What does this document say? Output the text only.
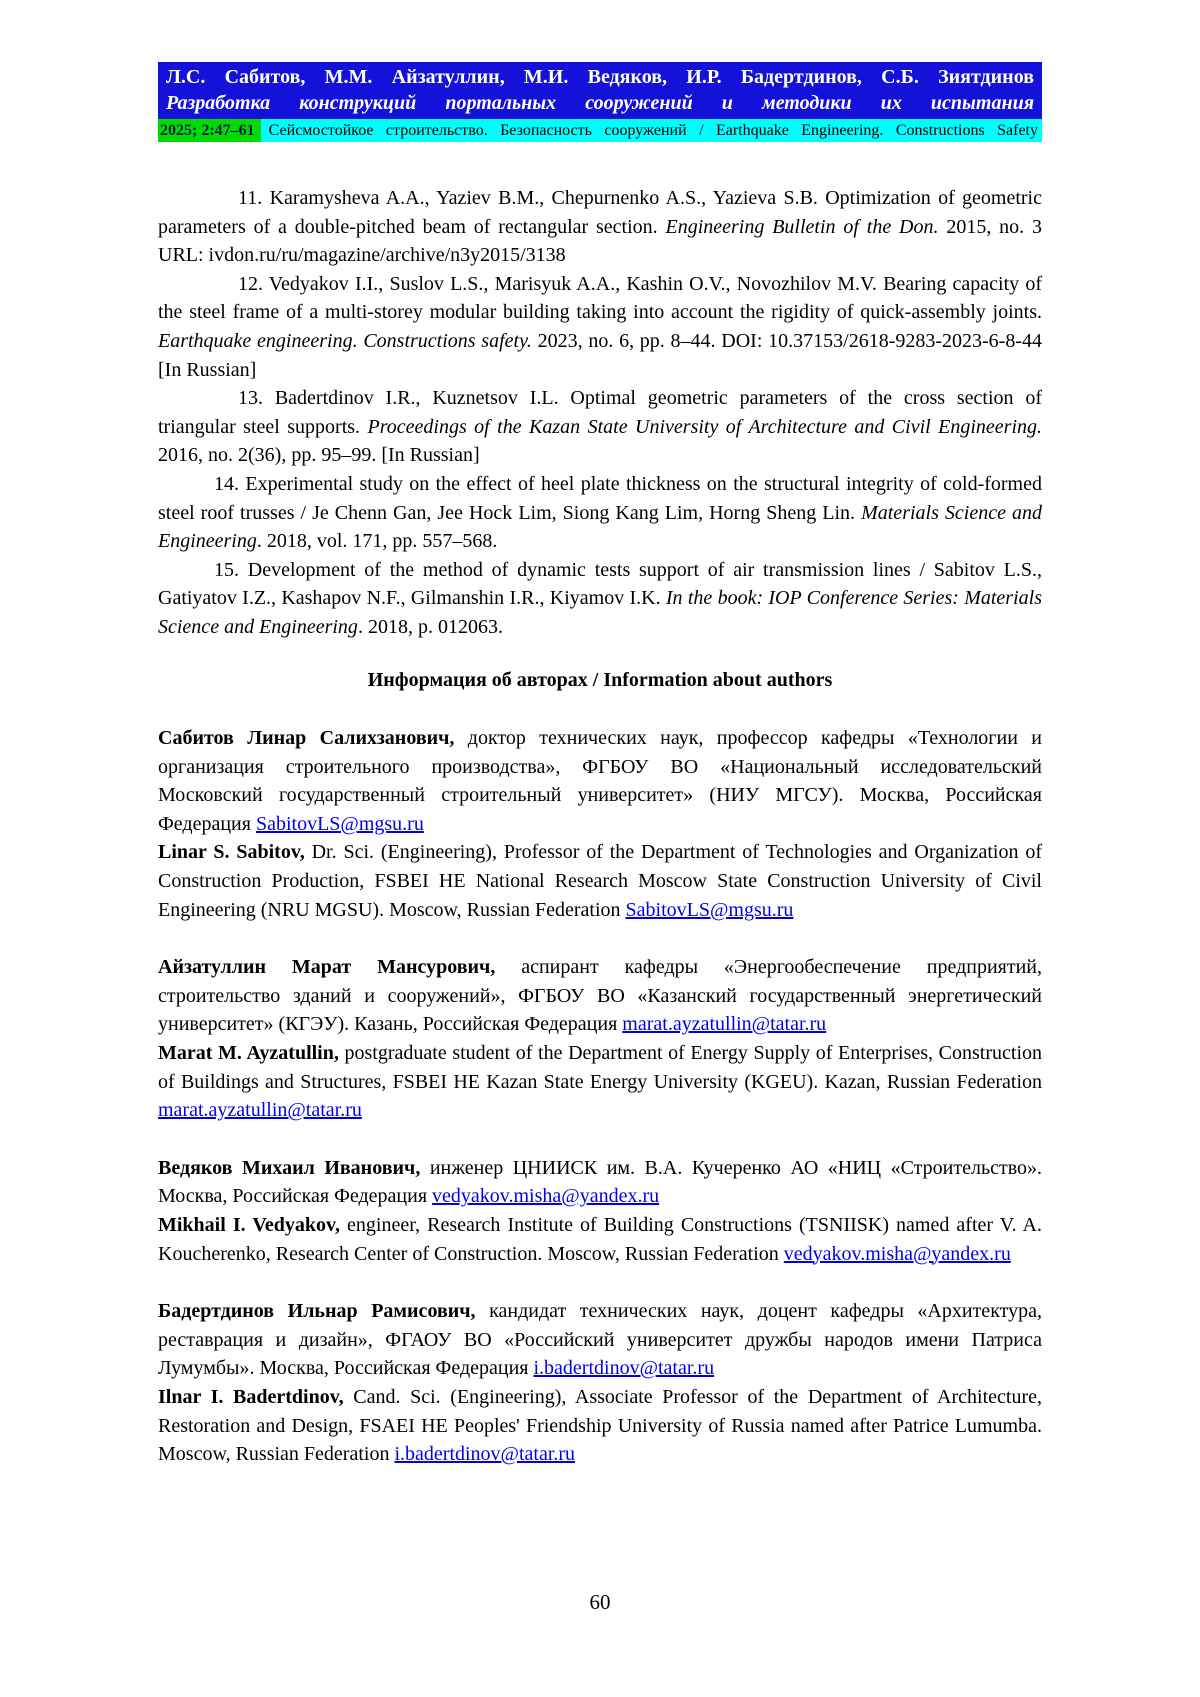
Л.С. Сабитов, М.М. Айзатуллин, М.И. Ведяков, И.Р. Бадертдинов, С.Б. Зиятдинов
Разработка конструкций портальных сооружений и методики их испытания
2025; 2:47–61 Сейсмостойкое строительство. Безопасность сооружений / Earthquake Engineering. Constructions Safety

11. Karamysheva A.A., Yaziev B.M., Chepurnenko A.S., Yazieva S.B. Optimization of geometric parameters of a double-pitched beam of rectangular section. Engineering Bulletin of the Don. 2015, no. 3 URL: ivdon.ru/ru/magazine/archive/n3y2015/3138

12. Vedyakov I.I., Suslov L.S., Marisyuk A.A., Kashin O.V., Novozhilov M.V. Bearing capacity of the steel frame of a multi-storey modular building taking into account the rigidity of quick-assembly joints. Earthquake engineering. Constructions safety. 2023, no. 6, pp. 8–44. DOI: 10.37153/2618-9283-2023-6-8-44 [In Russian]

13. Badertdinov I.R., Kuznetsov I.L. Optimal geometric parameters of the cross section of triangular steel supports. Proceedings of the Kazan State University of Architecture and Civil Engineering. 2016, no. 2(36), pp. 95–99. [In Russian]

14. Experimental study on the effect of heel plate thickness on the structural integrity of cold-formed steel roof trusses / Je Chenn Gan, Jee Hock Lim, Siong Kang Lim, Horng Sheng Lin. Materials Science and Engineering. 2018, vol. 171, pp. 557–568.

15. Development of the method of dynamic tests support of air transmission lines / Sabitov L.S., Gatiyatov I.Z., Kashapov N.F., Gilmanshin I.R., Kiyamov I.K. In the book: IOP Conference Series: Materials Science and Engineering. 2018, p. 012063.

Информация об авторах / Information about authors

Сабитов Линар Салихзанович, доктор технических наук, профессор кафедры «Технологии и организация строительного производства», ФГБОУ ВО «Национальный исследовательский Московский государственный строительный университет» (НИУ МГСУ). Москва, Российская Федерация SabitovLS@mgsu.ru

Linar S. Sabitov, Dr. Sci. (Engineering), Professor of the Department of Technologies and Organization of Construction Production, FSBEI HE National Research Moscow State Construction University of Civil Engineering (NRU MGSU). Moscow, Russian Federation SabitovLS@mgsu.ru

Айзатуллин Марат Мансурович, аспирант кафедры «Энергообеспечение предприятий, строительство зданий и сооружений», ФГБОУ ВО «Казанский государственный энергетический университет» (КГЭУ). Казань, Российская Федерация marat.ayzatullin@tatar.ru

Marat M. Ayzatullin, postgraduate student of the Department of Energy Supply of Enterprises, Construction of Buildings and Structures, FSBEI HE Kazan State Energy University (KGEU). Kazan, Russian Federation marat.ayzatullin@tatar.ru

Ведяков Михаил Иванович, инженер ЦНИИСК им. В.А. Кучеренко АО «НИЦ «Строительство». Москва, Российская Федерация vedyakov.misha@yandex.ru

Mikhail I. Vedyakov, engineer, Research Institute of Building Constructions (TSNIISK) named after V. A. Koucherenko, Research Center of Construction. Moscow, Russian Federation vedyakov.misha@yandex.ru

Бадертдинов Ильнар Рамисович, кандидат технических наук, доцент кафедры «Архитектура, реставрация и дизайн», ФГАОУ ВО «Российский университет дружбы народов имени Патриса Лумумбы». Москва, Российская Федерация i.badertdinov@tatar.ru

Ilnar I. Badertdinov, Cand. Sci. (Engineering), Associate Professor of the Department of Architecture, Restoration and Design, FSAEI HE Peoples' Friendship University of Russia named after Patrice Lumumba. Moscow, Russian Federation i.badertdinov@tatar.ru

60
